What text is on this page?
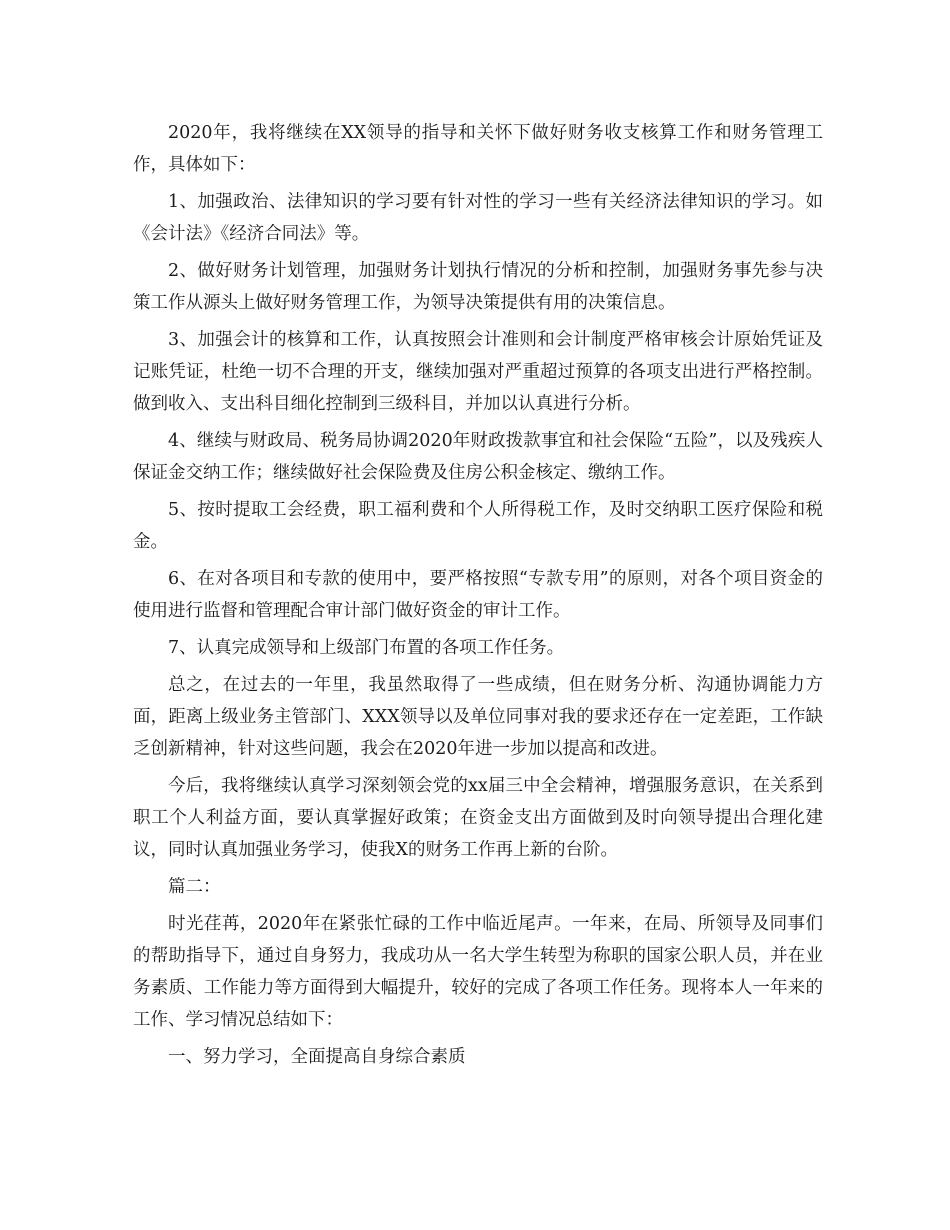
2020年，我将继续在XX领导的指导和关怀下做好财务收支核算工作和财务管理工作，具体如下：

1、加强政治、法律知识的学习要有针对性的学习一些有关经济法律知识的学习。如《会计法》《经济合同法》等。

2、做好财务计划管理，加强财务计划执行情况的分析和控制，加强财务事先参与决策工作从源头上做好财务管理工作，为领导决策提供有用的决策信息。

3、加强会计的核算和工作，认真按照会计准则和会计制度严格审核会计原始凭证及记账凭证，杜绝一切不合理的开支，继续加强对严重超过预算的各项支出进行严格控制。做到收入、支出科目细化控制到三级科目，并加以认真进行分析。

4、继续与财政局、税务局协调2020年财政拨款事宜和社会保险“五险”，以及残疾人保证金交纳工作；继续做好社会保险费及住房公积金核定、缴纳工作。

5、按时提取工会经费，职工福利费和个人所得税工作，及时交纳职工医疗保险和税金。

6、在对各项目和专款的使用中，要严格按照“专款专用”的原则，对各个项目资金的使用进行监督和管理配合审计部门做好资金的审计工作。

7、认真完成领导和上级部门布置的各项工作任务。

总之，在过去的一年里，我虽然取得了一些成绩，但在财务分析、沟通协调能力方面，距离上级业务主管部门、XXX领导以及单位同事对我的要求还存在一定差距，工作缺乏创新精神，针对这些问题，我会在2020年进一步加以提高和改进。

今后，我将继续认真学习深刻领会党的xx届三中全会精神，增强服务意识，在关系到职工个人利益方面，要认真掌握好政策；在资金支出方面做到及时向领导提出合理化建议，同时认真加强业务学习，使我X的财务工作再上新的台阶。

篇二：

时光荏苒，2020年在紧张忙碌的工作中临近尾声。一年来，在局、所领导及同事们的帮助指导下，通过自身努力，我成功从一名大学生转型为称职的国家公职人员，并在业务素质、工作能力等方面得到大幅提升，较好的完成了各项工作任务。现将本人一年来的工作、学习情况总结如下：

一、努力学习，全面提高自身综合素质
